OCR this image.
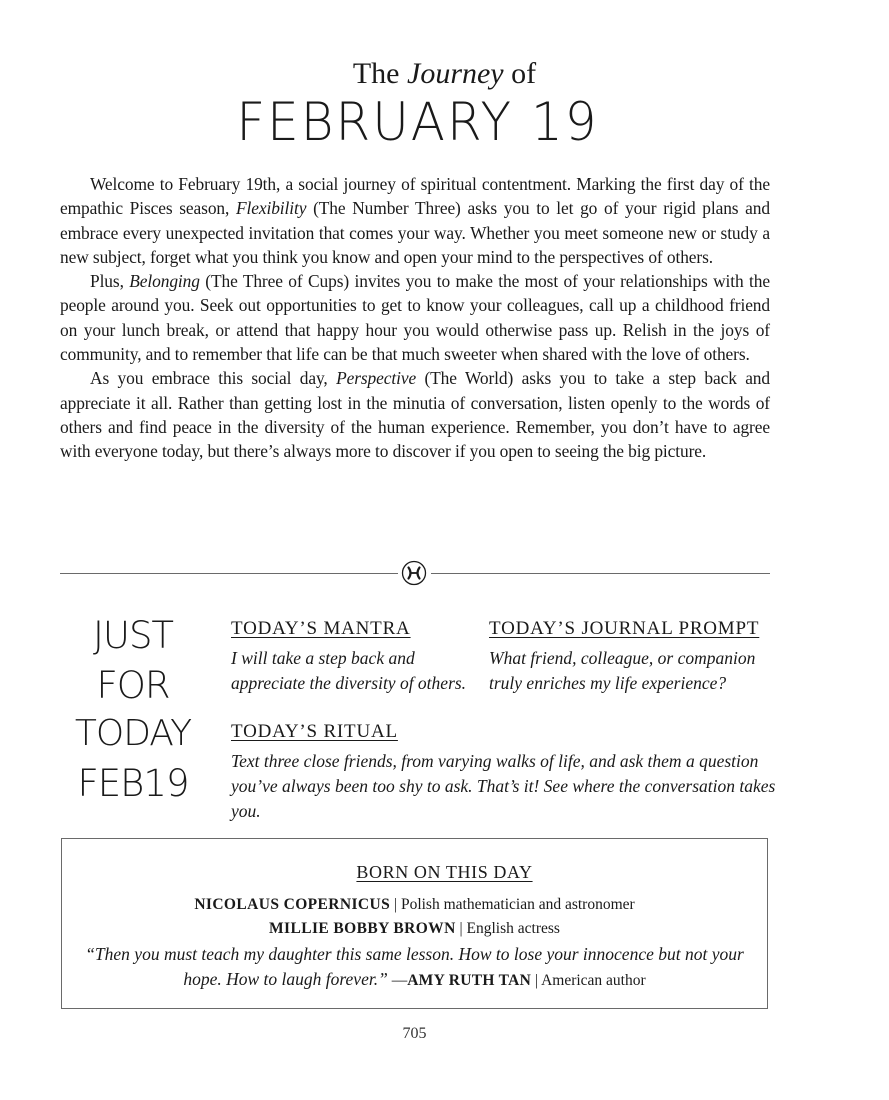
The Journey of
FEBRUARY 19

Welcome to February 19th, a social journey of spiritual contentment. Marking the first day of the empathic Pisces season, Flexibility (The Number Three) asks you to let go of your rigid plans and embrace every unexpected invitation that comes your way. Whether you meet someone new or study a new subject, forget what you think you know and open your mind to the perspectives of others.

Plus, Belonging (The Three of Cups) invites you to make the most of your relationships with the people around you. Seek out opportunities to get to know your colleagues, call up a childhood friend on your lunch break, or attend that happy hour you would otherwise pass up. Relish in the joys of community, and to remember that life can be that much sweeter when shared with the love of others.

As you embrace this social day, Perspective (The World) asks you to take a step back and appreciate it all. Rather than getting lost in the minutia of conversation, listen openly to the words of others and find peace in the diversity of the human experience. Remember, you don’t have to agree with everyone today, but there’s always more to discover if you open to seeing the big picture.

JUST
FOR
TODAY
FEB19
TODAY’S MANTRA
I will take a step back and appreciate the diversity of others.
TODAY’S JOURNAL PROMPT
What friend, colleague, or companion truly enriches my life experience?
TODAY’S RITUAL
Text three close friends, from varying walks of life, and ask them a question you’ve always been too shy to ask. That’s it! See where the conversation takes you.
BORN ON THIS DAY
NICOLAUS COPERNICUS | Polish mathematician and astronomer
MILLIE BOBBY BROWN | English actress
“Then you must teach my daughter this same lesson. How to lose your innocence but not your
hope. How to laugh forever.” —AMY RUTH TAN | American author
705
